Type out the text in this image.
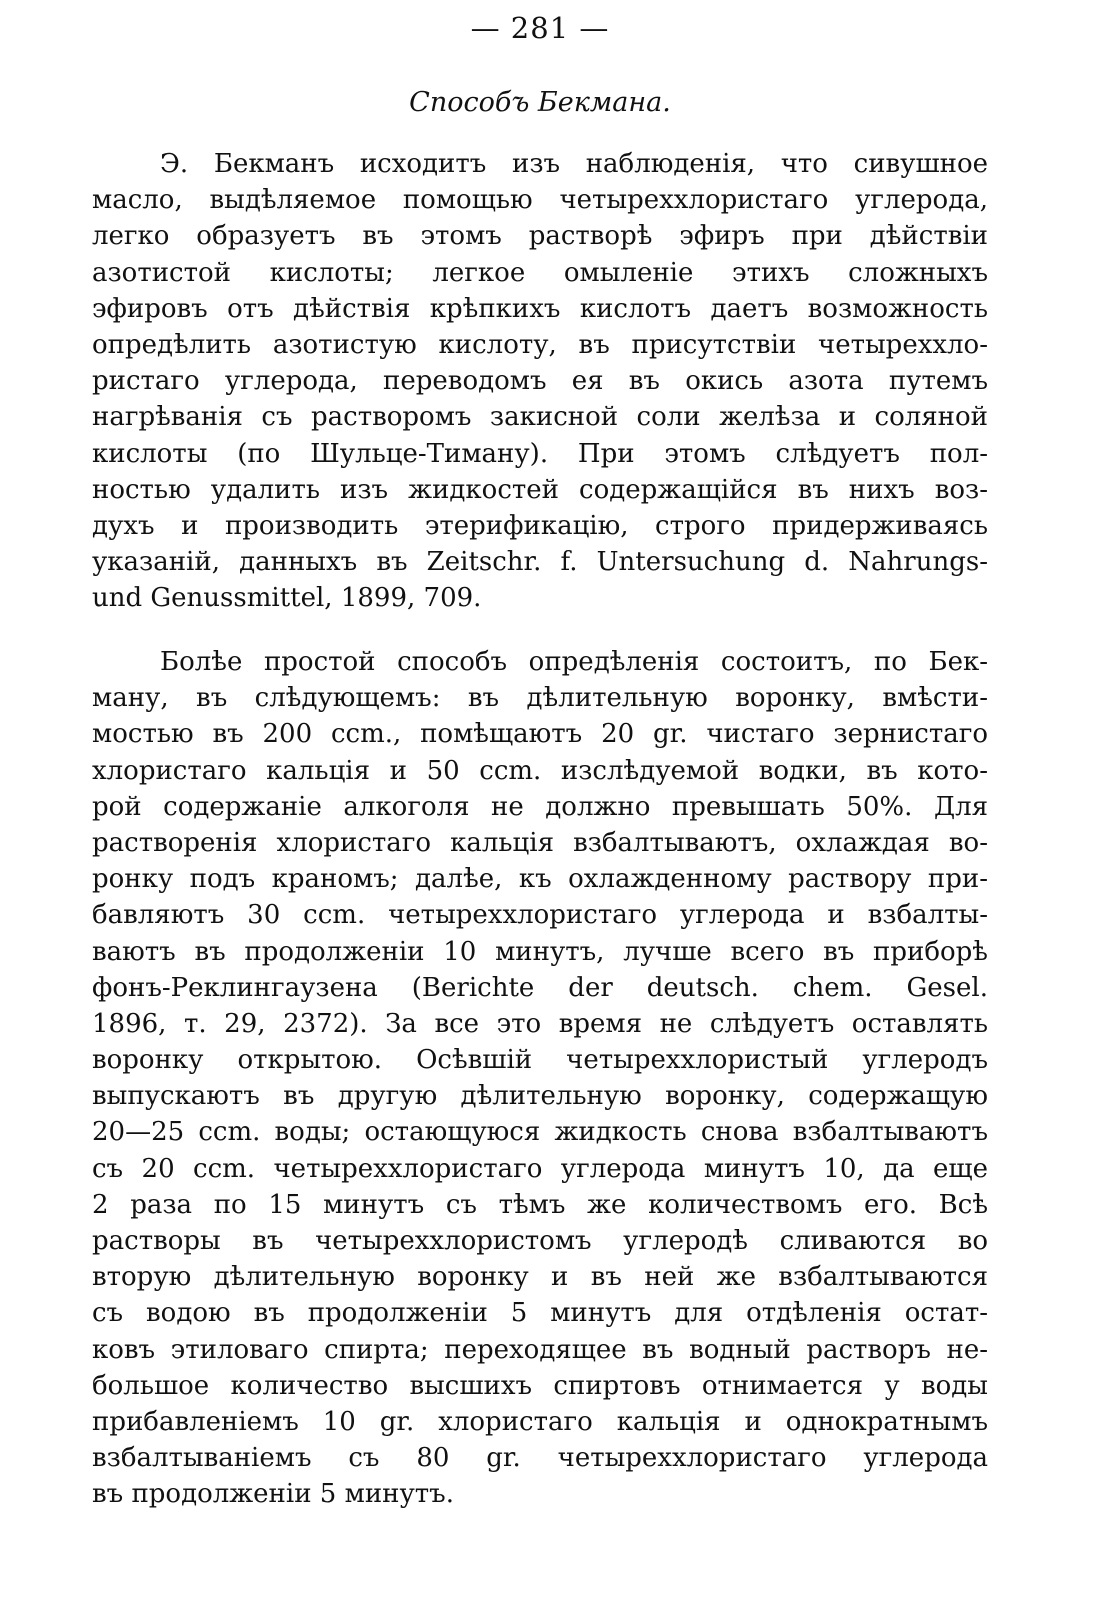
— 281 —
Способъ Бекмана.
Э. Бекманъ исходитъ изъ наблюденія, что сивушное
масло, выдѣляемое помощью четыреххлористаго углерода,
легко образуетъ въ этомъ растворѣ эфиръ при дѣйствіи
азотистой кислоты; легкое омыленіе этихъ сложныхъ
эфировъ отъ дѣйствія крѣпкихъ кислотъ даетъ возможность
опредѣлить азотистую кислоту, въ присутствіи четыреххло-
ристаго углерода, переводомъ ея въ окись азота путемъ
нагрѣванія съ растворомъ закисной соли желѣза и соляной
кислоты (по Шульце-Тиману). При этомъ слѣдуетъ пол-
ностью удалить изъ жидкостей содержащійся въ нихъ воз-
духъ и производить этерификацію, строго придерживаясь
указаній, данныхъ въ Zeitschr. f. Untersuchung d. Nahrungs-
und Genussmittel, 1899, 709.
Болѣе простой способъ опредѣленія состоитъ, по Бек-
ману, въ слѣдующемъ: въ дѣлительную воронку, вмѣсти-
мостью въ 200 ccm., помѣщаютъ 20 gr. чистаго зернистаго
хлористаго кальція и 50 ccm. изслѣдуемой водки, въ кото-
рой содержаніе алкоголя не должно превышать 50%. Для
растворенія хлористаго кальція взбалтываютъ, охлаждая во-
ронку подъ краномъ; далѣе, къ охлажденному раствору при-
бавляютъ 30 ccm. четыреххлористаго углерода и взбалты-
ваютъ въ продолженіи 10 минутъ, лучше всего въ приборѣ
фонъ-Реклингаузена (Berichte der deutsch. chem. Gesel.
1896, т. 29, 2372). За все это время не слѣдуетъ оставлять
воронку открытою. Осѣвшій четыреххлористый углеродъ
выпускаютъ въ другую дѣлительную воронку, содержащую
20—25 ccm. воды; остающуюся жидкость снова взбалтываютъ
съ 20 ccm. четыреххлористаго углерода минутъ 10, да еще
2 раза по 15 минутъ съ тѣмъ же количествомъ его. Всѣ
растворы въ четыреххлористомъ углеродѣ сливаются во
вторую дѣлительную воронку и въ ней же взбалтываются
съ водою въ продолженіи 5 минутъ для отдѣленія остат-
ковъ этиловаго спирта; переходящее въ водный растворъ не-
большое количество высшихъ спиртовъ отнимается у воды
прибавленіемъ 10 gr. хлористаго кальція и однократнымъ
взбалтываніемъ съ 80 gr. четыреххлористаго углерода
въ продолженіи 5 минутъ.
